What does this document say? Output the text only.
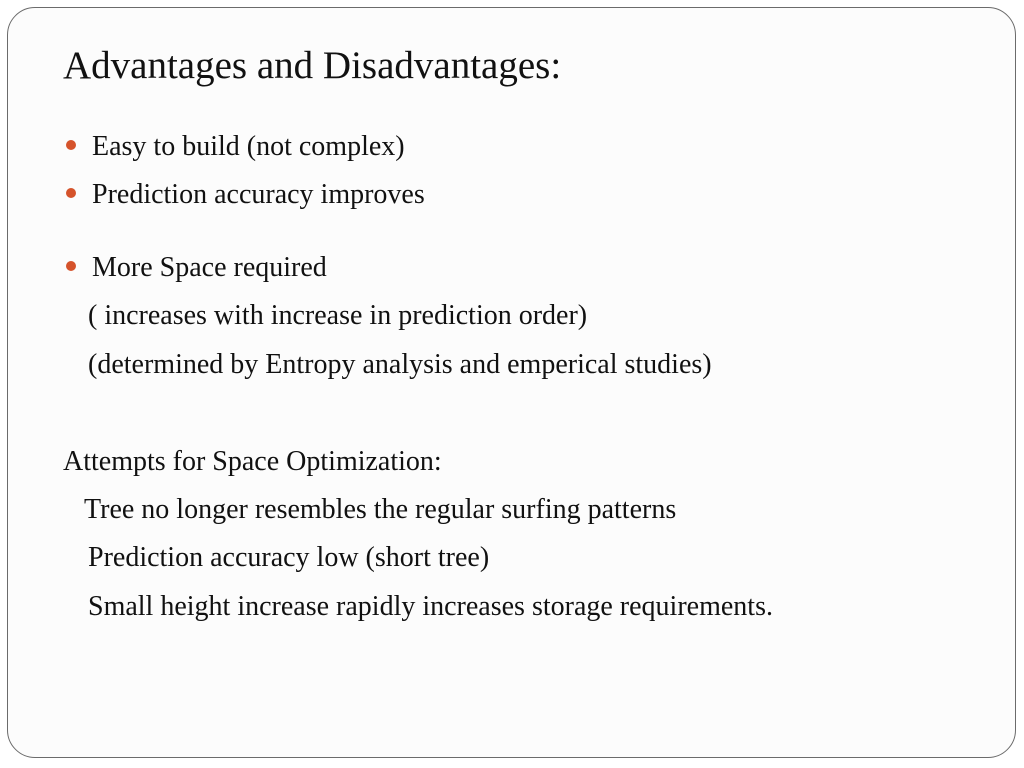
Advantages and Disadvantages:
Easy to build (not complex)
Prediction accuracy improves
More Space required
( increases with increase in prediction order)
(determined by Entropy analysis and emperical studies)
Attempts for Space Optimization:
Tree no longer resembles the regular surfing patterns
Prediction accuracy low (short tree)
Small height increase rapidly increases storage requirements.
